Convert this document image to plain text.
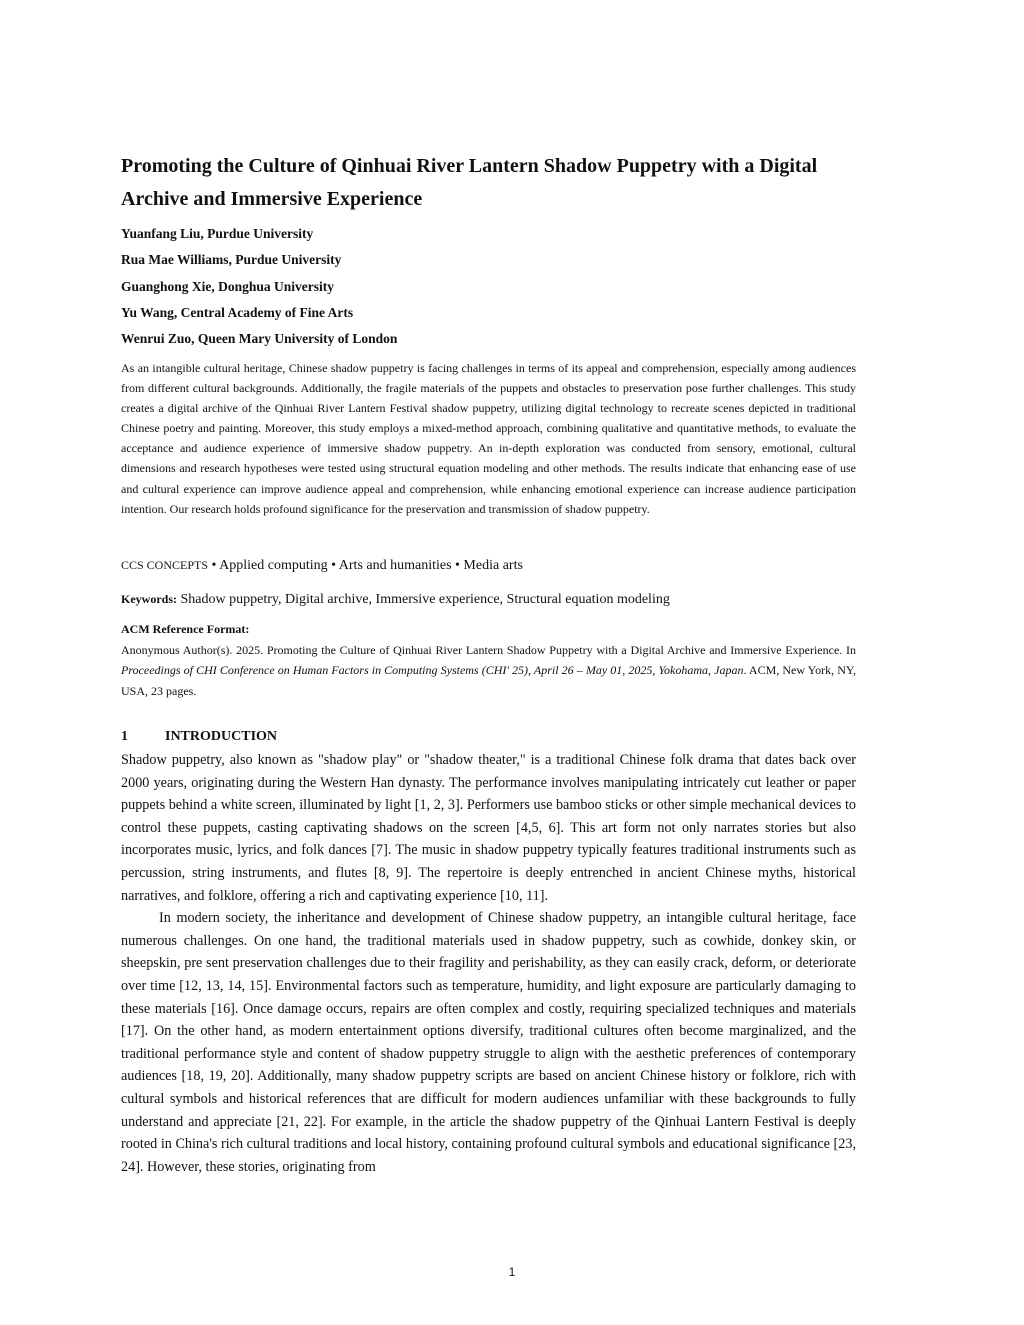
Promoting the Culture of Qinhuai River Lantern Shadow Puppetry with a Digital Archive and Immersive Experience
Yuanfang Liu, Purdue University
Rua Mae Williams, Purdue University
Guanghong Xie, Donghua University
Yu Wang, Central Academy of Fine Arts
Wenrui Zuo, Queen Mary University of London
As an intangible cultural heritage, Chinese shadow puppetry is facing challenges in terms of its appeal and comprehension, especially among audiences from different cultural backgrounds. Additionally, the fragile materials of the puppets and obstacles to preservation pose further challenges. This study creates a digital archive of the Qinhuai River Lantern Festival shadow puppetry, utilizing digital technology to recreate scenes depicted in traditional Chinese poetry and painting. Moreover, this study employs a mixed-method approach, combining qualitative and quantitative methods, to evaluate the acceptance and audience experience of immersive shadow puppetry. An in-depth exploration was conducted from sensory, emotional, cultural dimensions and research hypotheses were tested using structural equation modeling and other methods. The results indicate that enhancing ease of use and cultural experience can improve audience appeal and comprehension, while enhancing emotional experience can increase audience participation intention. Our research holds profound significance for the preservation and transmission of shadow puppetry.
CCS CONCEPTS • Applied computing • Arts and humanities • Media arts
Keywords: Shadow puppetry, Digital archive, Immersive experience, Structural equation modeling
ACM Reference Format:
Anonymous Author(s). 2025. Promoting the Culture of Qinhuai River Lantern Shadow Puppetry with a Digital Archive and Immersive Experience. In Proceedings of CHI Conference on Human Factors in Computing Systems (CHI' 25), April 26 – May 01, 2025, Yokohama, Japan. ACM, New York, NY, USA, 23 pages.
1	INTRODUCTION

Shadow puppetry, also known as "shadow play" or "shadow theater," is a traditional Chinese folk drama that dates back over 2000 years, originating during the Western Han dynasty. The performance involves manipulating intricately cut leather or paper puppets behind a white screen, illuminated by light [1, 2, 3]. Performers use bamboo sticks or other simple mechanical devices to control these puppets, casting captivating shadows on the screen [4,5, 6]. This art form not only narrates stories but also incorporates music, lyrics, and folk dances [7]. The music in shadow puppetry typically features traditional instruments such as percussion, string instruments, and flutes [8, 9]. The repertoire is deeply entrenched in ancient Chinese myths, historical narratives, and folklore, offering a rich and captivating experience [10, 11].

In modern society, the inheritance and development of Chinese shadow puppetry, an intangible cultural heritage, face numerous challenges. On one hand, the traditional materials used in shadow puppetry, such as cowhide, donkey skin, or sheepskin, pre sent preservation challenges due to their fragility and perishability, as they can easily crack, deform, or deteriorate over time [12, 13, 14, 15]. Environmental factors such as temperature, humidity, and light exposure are particularly damaging to these materials [16]. Once damage occurs, repairs are often complex and costly, requiring specialized techniques and materials [17]. On the other hand, as modern entertainment options diversify, traditional cultures often become marginalized, and the traditional performance style and content of shadow puppetry struggle to align with the aesthetic preferences of contemporary audiences [18, 19, 20]. Additionally, many shadow puppetry scripts are based on ancient Chinese history or folklore, rich with cultural symbols and historical references that are difficult for modern audiences unfamiliar with these backgrounds to fully understand and appreciate [21, 22]. For example, in the article the shadow puppetry of the Qinhuai Lantern Festival is deeply rooted in China's rich cultural traditions and local history, containing profound cultural symbols and educational significance [23, 24]. However, these stories, originating from

1
